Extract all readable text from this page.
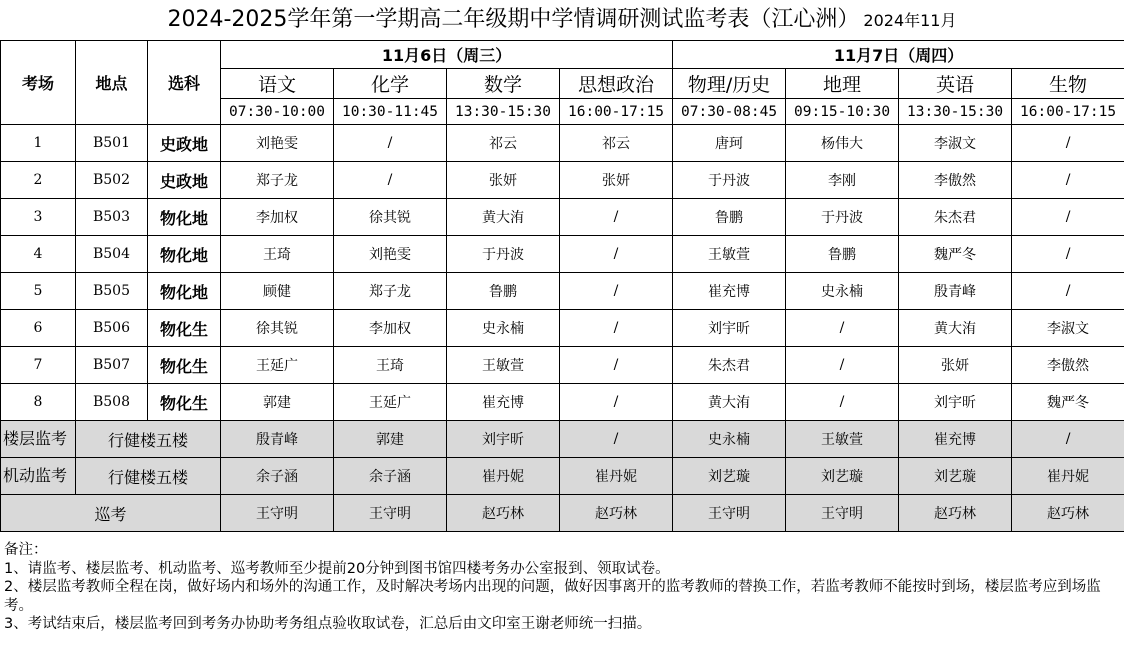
2024-2025学年第一学期高二年级期中学情调研测试监考表（江心洲） 2024年11月
考场	地点	选科	11月6日（周三）				11月7日（周四）			
			语文	化学	数学	思想政治	物理/历史	地理	英语	生物
			07:30-10:00	10:30-11:45	13:30-15:30	16:00-17:15	07:30-08:45	09:15-10:30	13:30-15:30	16:00-17:15
1	B501	史政地	刘艳雯	/	祁云	祁云	唐珂	杨伟大	李淑文	/
2	B502	史政地	郑子龙	/	张妍	张妍	于丹波	李刚	李傲然	/
3	B503	物化地	李加权	徐其锐	黄大洧	/	鲁鹏	于丹波	朱杰君	/
4	B504	物化地	王琦	刘艳雯	于丹波	/	王敏萱	鲁鹏	魏严冬	/
5	B505	物化地	顾健	郑子龙	鲁鹏	/	崔充博	史永楠	殷青峰	/
6	B506	物化生	徐其锐	李加权	史永楠	/	刘宇昕	/	黄大洧	李淑文
7	B507	物化生	王延广	王琦	王敏萱	/	朱杰君	/	张妍	李傲然
8	B508	物化生	郭建	王延广	崔充博	/	黄大洧	/	刘宇昕	魏严冬
楼层监考	行健楼五楼		殷青峰	郭建	刘宇昕	/	史永楠	王敏萱	崔充博	/
机动监考	行健楼五楼		余子涵	余子涵	崔丹妮	崔丹妮	刘艺璇	刘艺璇	刘艺璇	崔丹妮
巡考			王守明	王守明	赵巧林	赵巧林	王守明	王守明	赵巧林	赵巧林
备注：
1、请监考、楼层监考、机动监考、巡考教师至少提前20分钟到图书馆四楼考务办公室报到、领取试卷。
2、楼层监考教师全程在岗，做好场内和场外的沟通工作，及时解决考场内出现的问题，做好因事离开的监考教师的替换工作，若监考教师不能按时到场，楼层监考应到场监考。
3、考试结束后，楼层监考回到考务办协助考务组点验收取试卷，汇总后由文印室王谢老师统一扫描。
